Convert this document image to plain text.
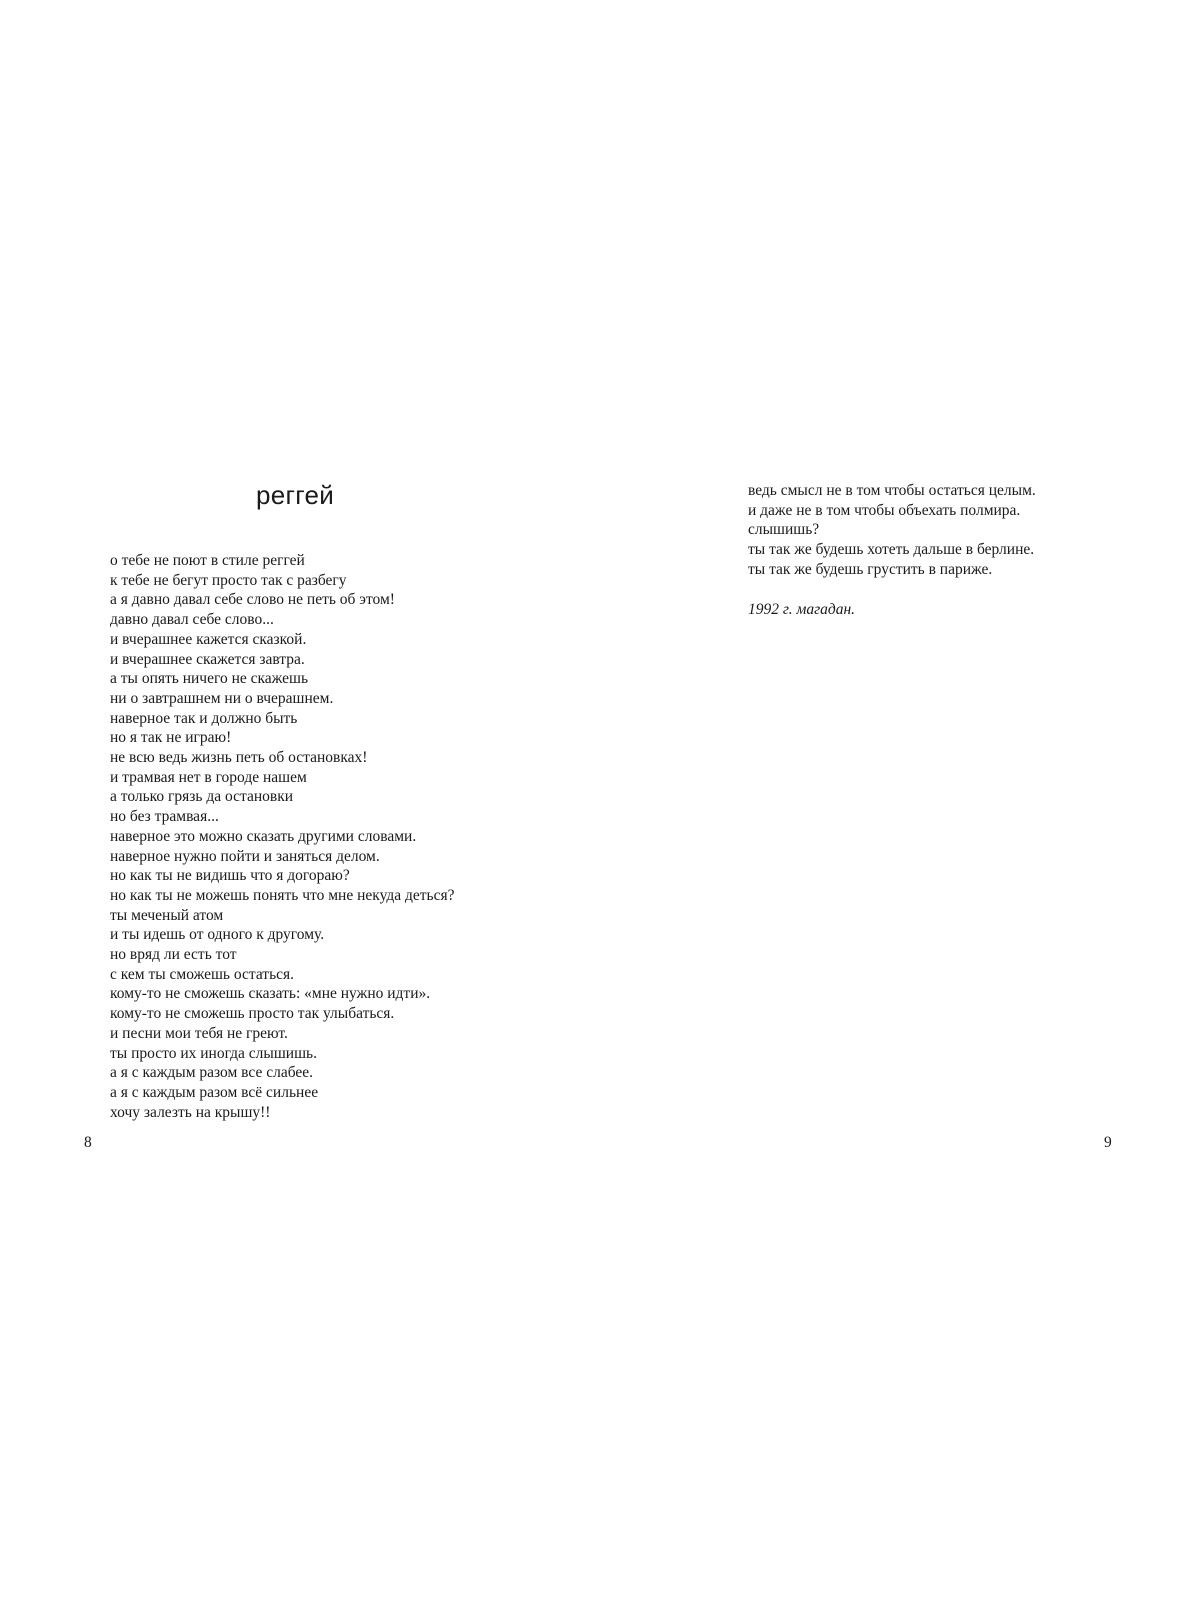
реггей
о тебе не поют в стиле реггей
к тебе не бегут просто так с разбегу
а я давно давал себе слово не петь об этом!
давно давал себе слово...
и вчерашнее кажется сказкой.
и вчерашнее скажется завтра.
а ты опять ничего не скажешь
ни о завтрашнем ни о вчерашнем.
наверное так и должно быть
но я так не играю!
не всю ведь жизнь петь об остановках!
и трамвая нет в городе нашем
а только грязь да остановки
но без трамвая...
наверное это можно сказать другими словами.
наверное нужно пойти и заняться делом.
но как ты не видишь что я догораю?
но как ты не можешь понять что мне некуда деться?
ты меченый атом
и ты идешь от одного к другому.
но вряд ли есть тот
с кем ты сможешь остаться.
кому-то не сможешь сказать: «мне нужно идти».
кому-то не сможешь просто так улыбаться.
и песни мои тебя не греют.
ты просто их иногда слышишь.
а я с каждым разом все слабее.
а я с каждым разом всё сильнее
хочу залезть на крышу!!

8

ведь смысл не в том чтобы остаться целым.
и даже не в том чтобы объехать полмира.
слышишь?
ты так же будешь хотеть дальше в берлине.
ты так же будешь грустить в париже.

1992 г. магадан.

9
